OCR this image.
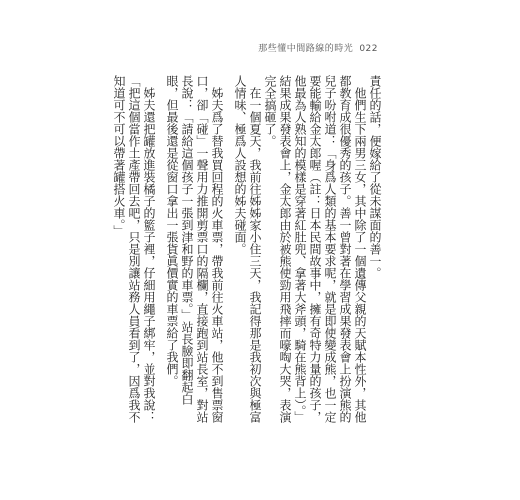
那些懂中間路線的時光 022

責任的話，便嫁給了從未謀面的善一。

他們生下兩男三女，其中除了一個遺傳父親的天賦本性外，其他都教育成很優秀的孩子。善一曾對著在學習成果發表會上扮演熊的兒子吩咐道：「身爲人類的基本要求呢，就是即使變成熊，也一定要能輸給金太郎喔（註：日本民間故事中，擁有奇特力量的孩子，他最為人熟知的模樣是穿著紅肚兜、拿著大斧頭，騎在熊背上）。」結果成果發表會上，金太郎由於被熊使勁用飛摔而嚎啕大哭，表演完全搞砸了。

在一個夏天，我前往姊姊家小住三天，我記得那是我初次與極富人情味、極爲人設想的姊夫碰面。

姊夫爲了替我買回程的火車票，帶我前往火車站，他不到售票窗口，卻「碰」一聲用力推開剪票口的隔欄，直接跑到站長室，對站長說：「請給這個孩子一張到津和野的車票。」站長臉即翻起白眼，但最後還是從窗口拿出一張貨眞價實的車票給了我們。

姊夫還把罐放進裝橘子的籃子裡，仔細用繩子綁牢，並對我說：「把這個當作土產帶回去吧，只是別讓站務人員看到了，因爲我不知道可不可以帶著罐搭火車。」
